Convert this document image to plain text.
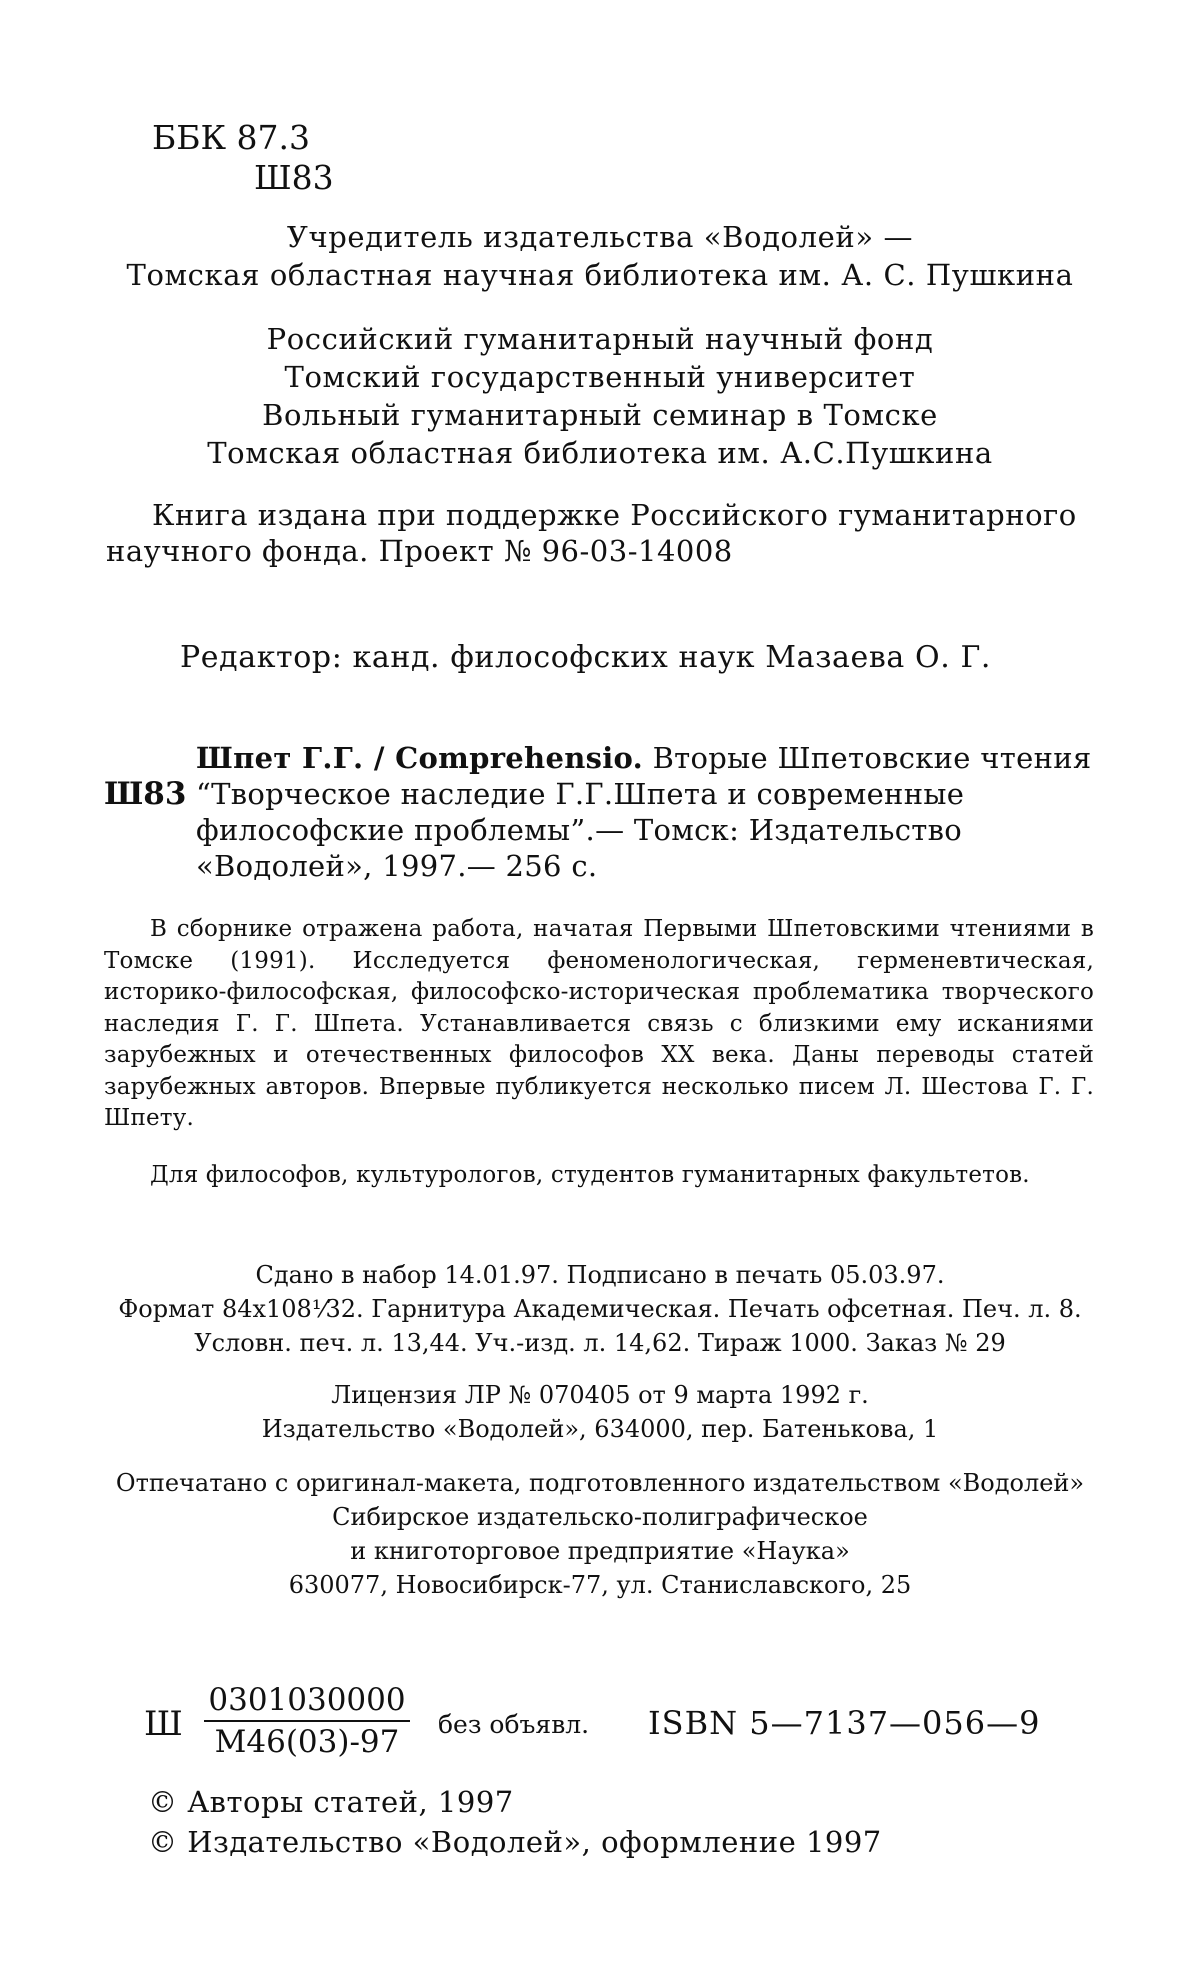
ББК 87.3
Ш83
Учредитель издательства «Водолей» —
Томская областная научная библиотека им. А. С. Пушкина
Российский гуманитарный научный фонд
Томский государственный университет
Вольный гуманитарный семинар в Томске
Томская областная библиотека им. А.С.Пушкина
Книга издана при поддержке Российского гуманитарного научного фонда. Проект № 96-03-14008
Редактор: канд. философских наук Мазаева О. Г.
Ш83
Шпет Г.Г. / Comprehensio. Вторые Шпетовские чтения “Творческое наследие Г.Г.Шпета и современные философские проблемы”.— Томск: Издательство «Водолей», 1997.— 256 с.
В сборнике отражена работа, начатая Первыми Шпетовскими чтениями в Томске (1991). Исследуется феноменологическая, герменевтическая, историко-философская, философско-историческая проблематика творческого наследия Г. Г. Шпета. Устанавливается связь с близкими ему исканиями зарубежных и отечественных философов XX века. Даны переводы статей зарубежных авторов. Впервые публикуется несколько писем Л. Шестова Г. Г. Шпету.
Для философов, культурологов, студентов гуманитарных факультетов.
Сдано в набор 14.01.97. Подписано в печать 05.03.97.
Формат 84x108¹⁄32. Гарнитура Академическая. Печать офсетная. Печ. л. 8.
Условн. печ. л. 13,44. Уч.-изд. л. 14,62. Тираж 1000. Заказ № 29
Лицензия ЛР № 070405 от 9 марта 1992 г.
Издательство «Водолей», 634000, пер. Батенькова, 1
Отпечатано с оригинал-макета, подготовленного издательством «Водолей»
Сибирское издательско-полиграфическое
и книготорговое предприятие «Наука»
630077, Новосибирск-77, ул. Станиславского, 25
Ш
0301030000
М46(03)-97	без объявл. ISBN 5—7137—056—9
© Авторы статей, 1997
© Издательство «Водолей», оформление 1997
